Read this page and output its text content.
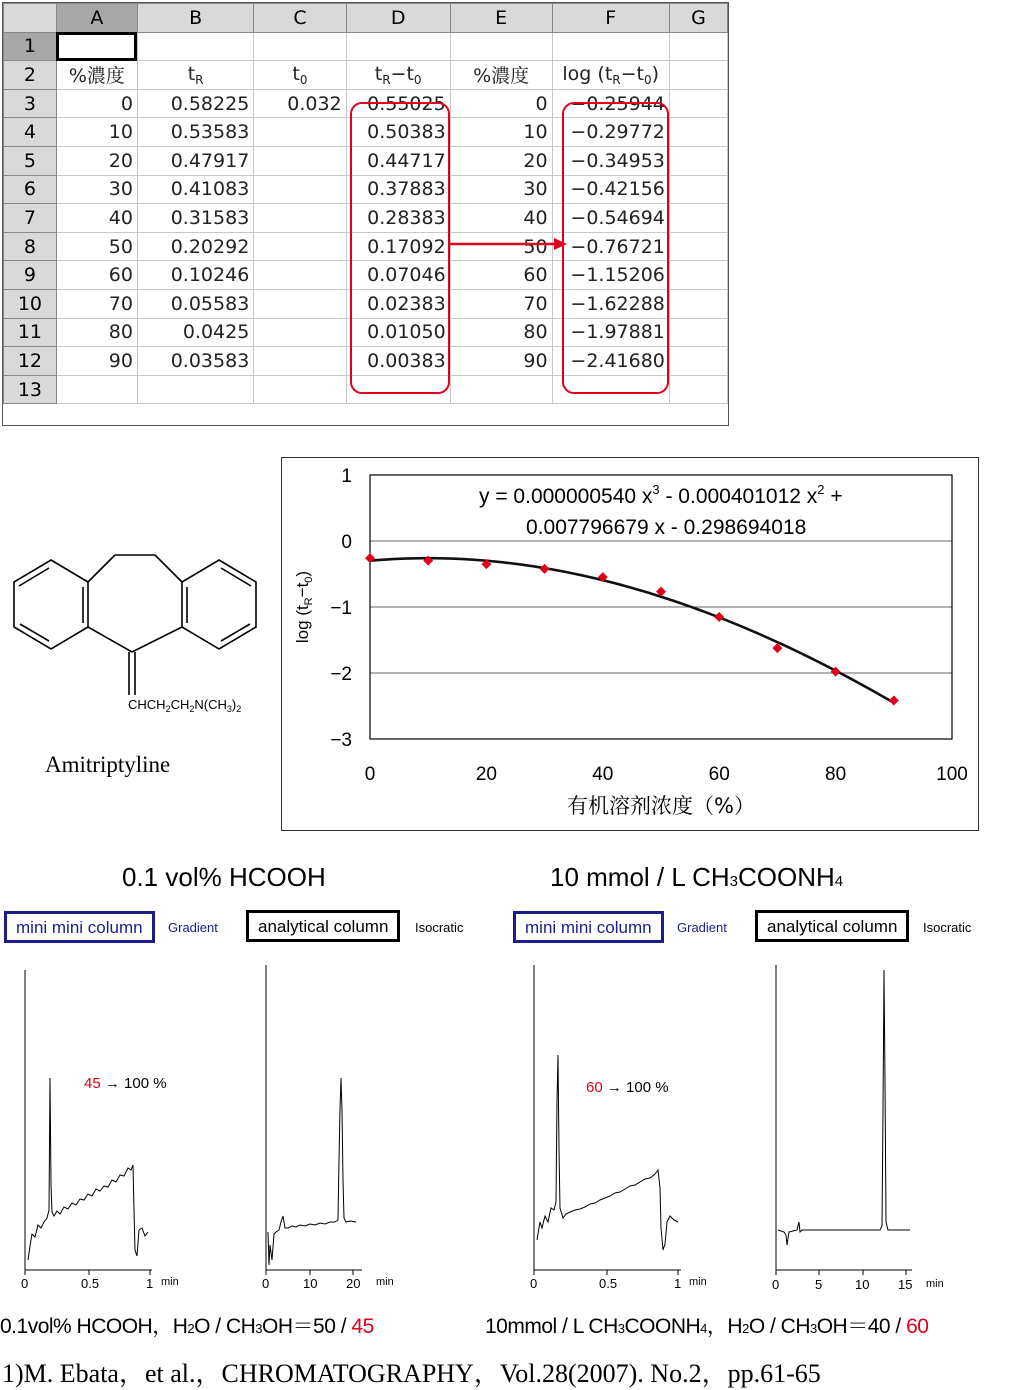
	A	B	C	D	E	F	G
1							
2	%濃度	$t_R$	$t_0$	$t_R-t_0$	%濃度	$\log (t_R-t_0)$	
3	0	0.58225	0.032	0.55025	0	−0.25944	
4	10	0.53583		0.50383	10	−0.29772	
5	20	0.47917		0.44717	20	−0.34953	
6	30	0.41083		0.37883	30	−0.42156	
7	40	0.31583		0.28383	40	−0.54694	
8	50	0.20292		0.17092	50	−0.76721	
9	60	0.10246		0.07046	60	−1.15206	
10	70	0.05583		0.02383	70	−1.62288	
11	80	0.0425		0.01050	80	−1.97881	
12	90	0.03583		0.00383	90	−2.41680	
13							
$CHCH_2CH_2N(CH_3)_2$
Amitriptyline
1
0
−1
−2
−3
0	20	40	60	80	100
y = 0.000000540 $x^3 - 0.000401012$ $x^2$ +
0.007796679 x - 0.298694018
$\log (t_R-t_0)$
有机溶剂浓度（%）
0.1 vol% HCOOH	10 mmol / L CH3COONH4
mini mini column	Gradient	analytical column	Isocratic	mini mini column	Gradient	analytical column	Isocratic
45 → 100 %	60 → 100 %
0	0.5	1 min	0	10 20 min	0	0.5	1 min	0	5	10 15 min
0.1vol% HCOOH，H2O / CH3OH＝50 / 45	10mmol / L CH3COONH4，H2O / CH3OH＝40 / 60
1)M. Ebata，et al.，CHROMATOGRAPHY，Vol.28(2007). No.2，pp.61-65
